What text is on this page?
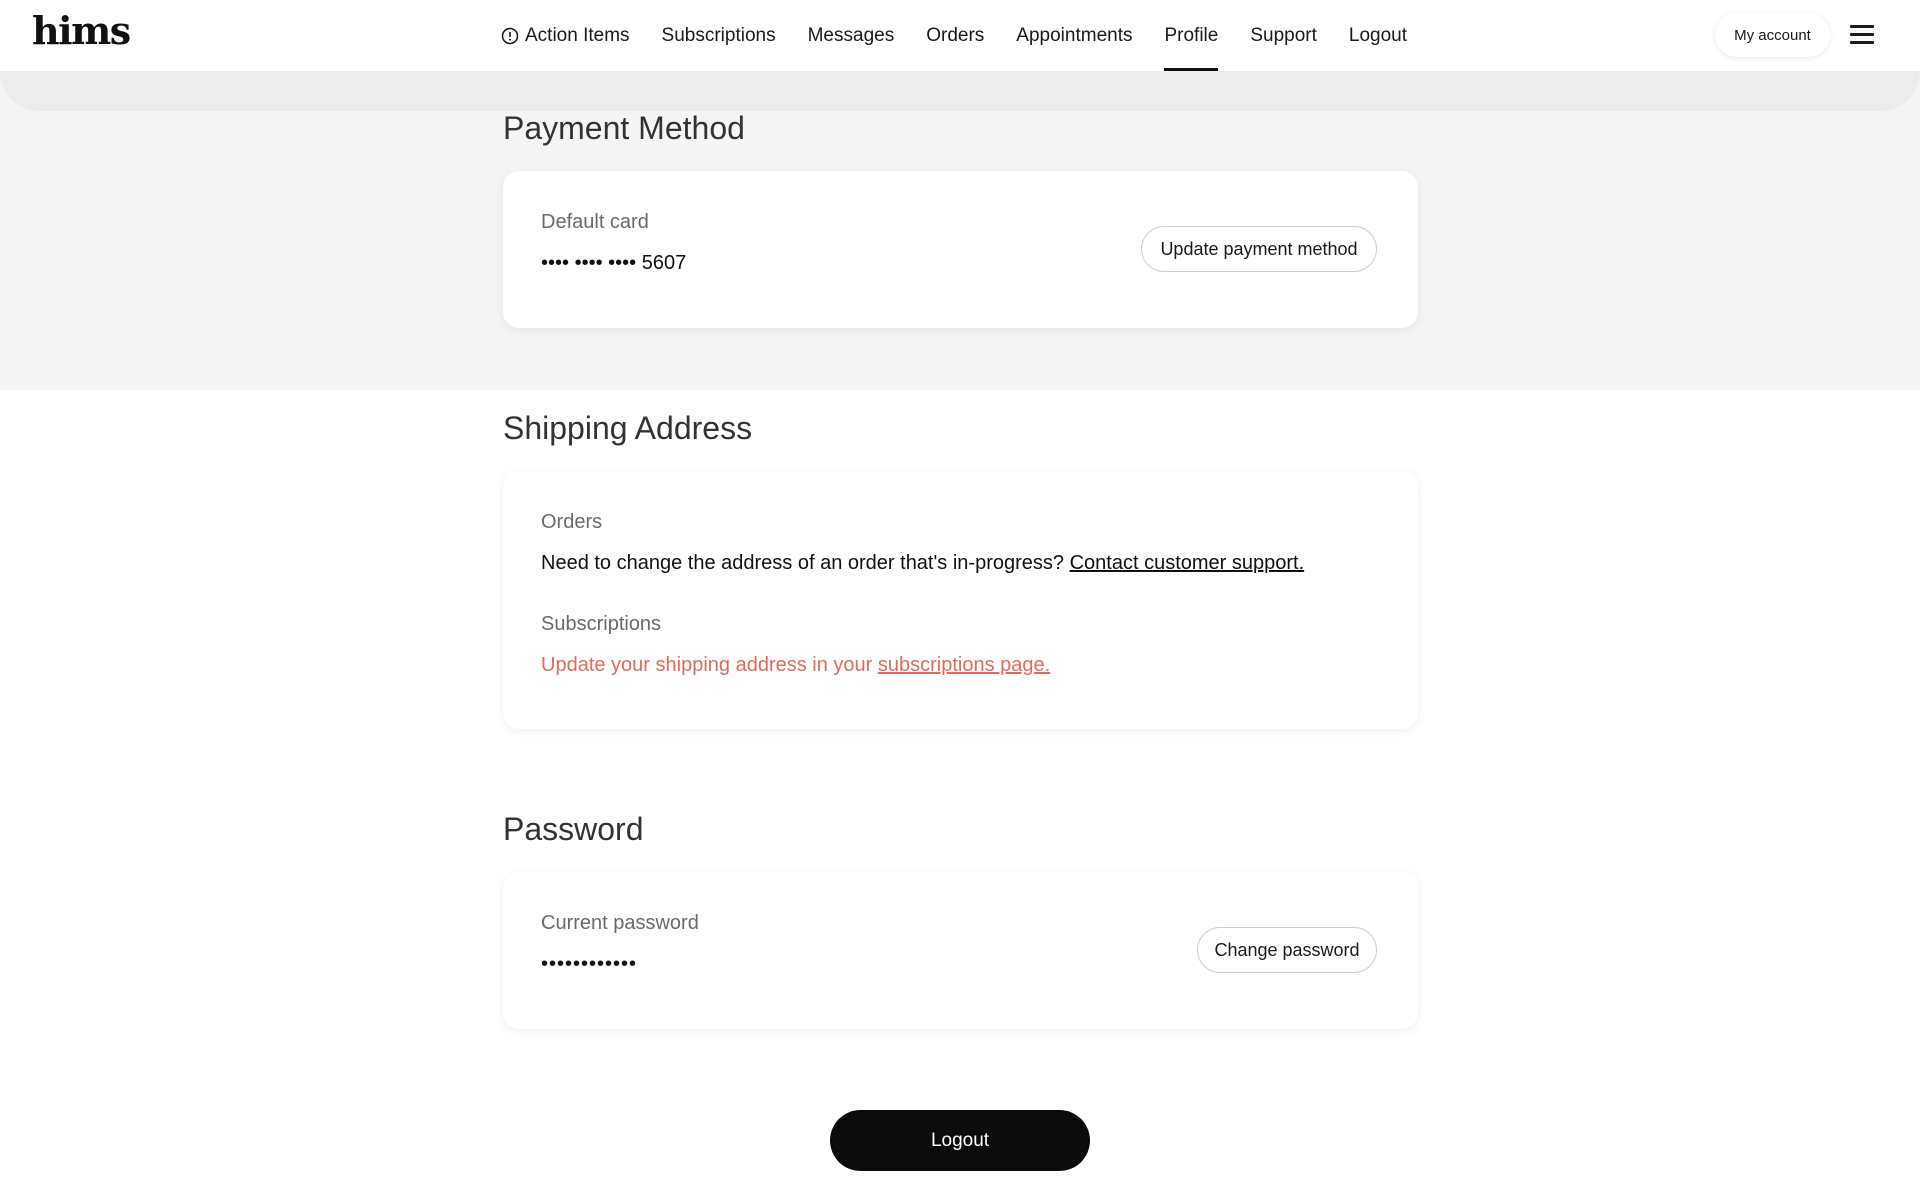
hims	Action Items Subscriptions Messages Orders Appointments Profile Support Logout	My account
Payment Method
Default card
•••• •••• •••• 5607
Update payment method
Shipping Address
Orders
Need to change the address of an order that's in-progress? Contact customer support.
Subscriptions
Update your shipping address in your subscriptions page.
Password
Current password
••••••••••••
Change password
Logout
